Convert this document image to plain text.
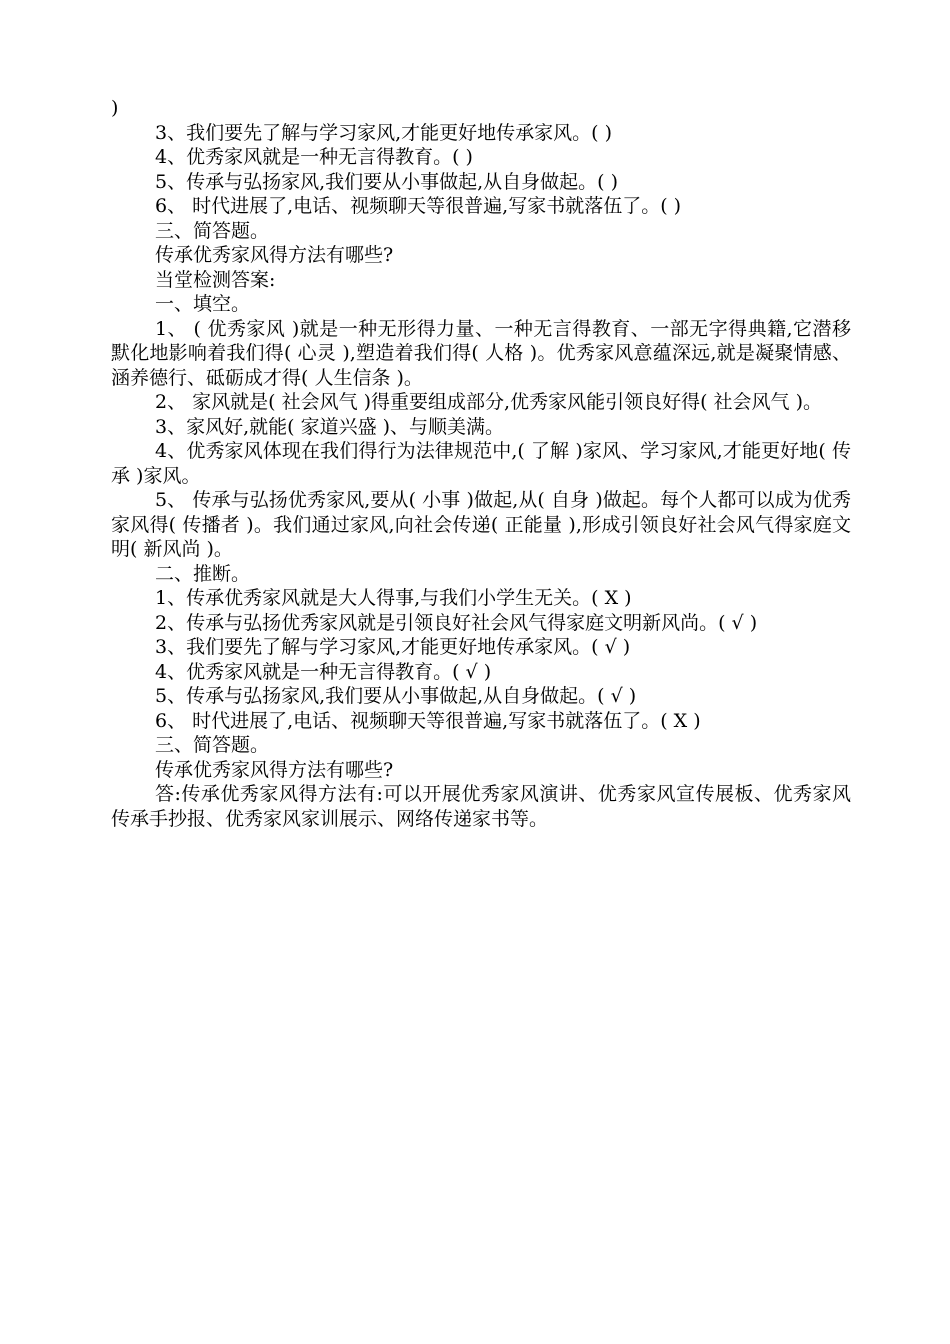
)

3、我们要先了解与学习家风,才能更好地传承家风。( )

4、优秀家风就是一种无言得教育。( )

5、传承与弘扬家风,我们要从小事做起,从自身做起。( )

6、 时代进展了,电话、视频聊天等很普遍,写家书就落伍了。( )

三、简答题。

传承优秀家风得方法有哪些?

当堂检测答案:

一、填空。

1、 ( 优秀家风 )就是一种无形得力量、一种无言得教育、一部无字得典籍,它潜移默化地影响着我们得( 心灵 ),塑造着我们得( 人格 )。优秀家风意蕴深远,就是凝聚情感、涵养德行、砥砺成才得( 人生信条 )。

2、 家风就是( 社会风气 )得重要组成部分,优秀家风能引领良好得( 社会风气 )。

3、家风好,就能( 家道兴盛 )、与顺美满。

4、优秀家风体现在我们得行为法律规范中,( 了解 )家风、学习家风,才能更好地( 传承 )家风。

5、 传承与弘扬优秀家风,要从( 小事 )做起,从( 自身 )做起。每个人都可以成为优秀家风得( 传播者 )。我们通过家风,向社会传递( 正能量 ),形成引领良好社会风气得家庭文明( 新风尚 )。

二、推断。

1、传承优秀家风就是大人得事,与我们小学生无关。( X )

2、传承与弘扬优秀家风就是引领良好社会风气得家庭文明新风尚。( √ )

3、我们要先了解与学习家风,才能更好地传承家风。( √ )

4、优秀家风就是一种无言得教育。( √ )

5、传承与弘扬家风,我们要从小事做起,从自身做起。( √ )

6、 时代进展了,电话、视频聊天等很普遍,写家书就落伍了。( X )

三、简答题。

传承优秀家风得方法有哪些?

答:传承优秀家风得方法有:可以开展优秀家风演讲、优秀家风宣传展板、优秀家风传承手抄报、优秀家风家训展示、网络传递家书等。
